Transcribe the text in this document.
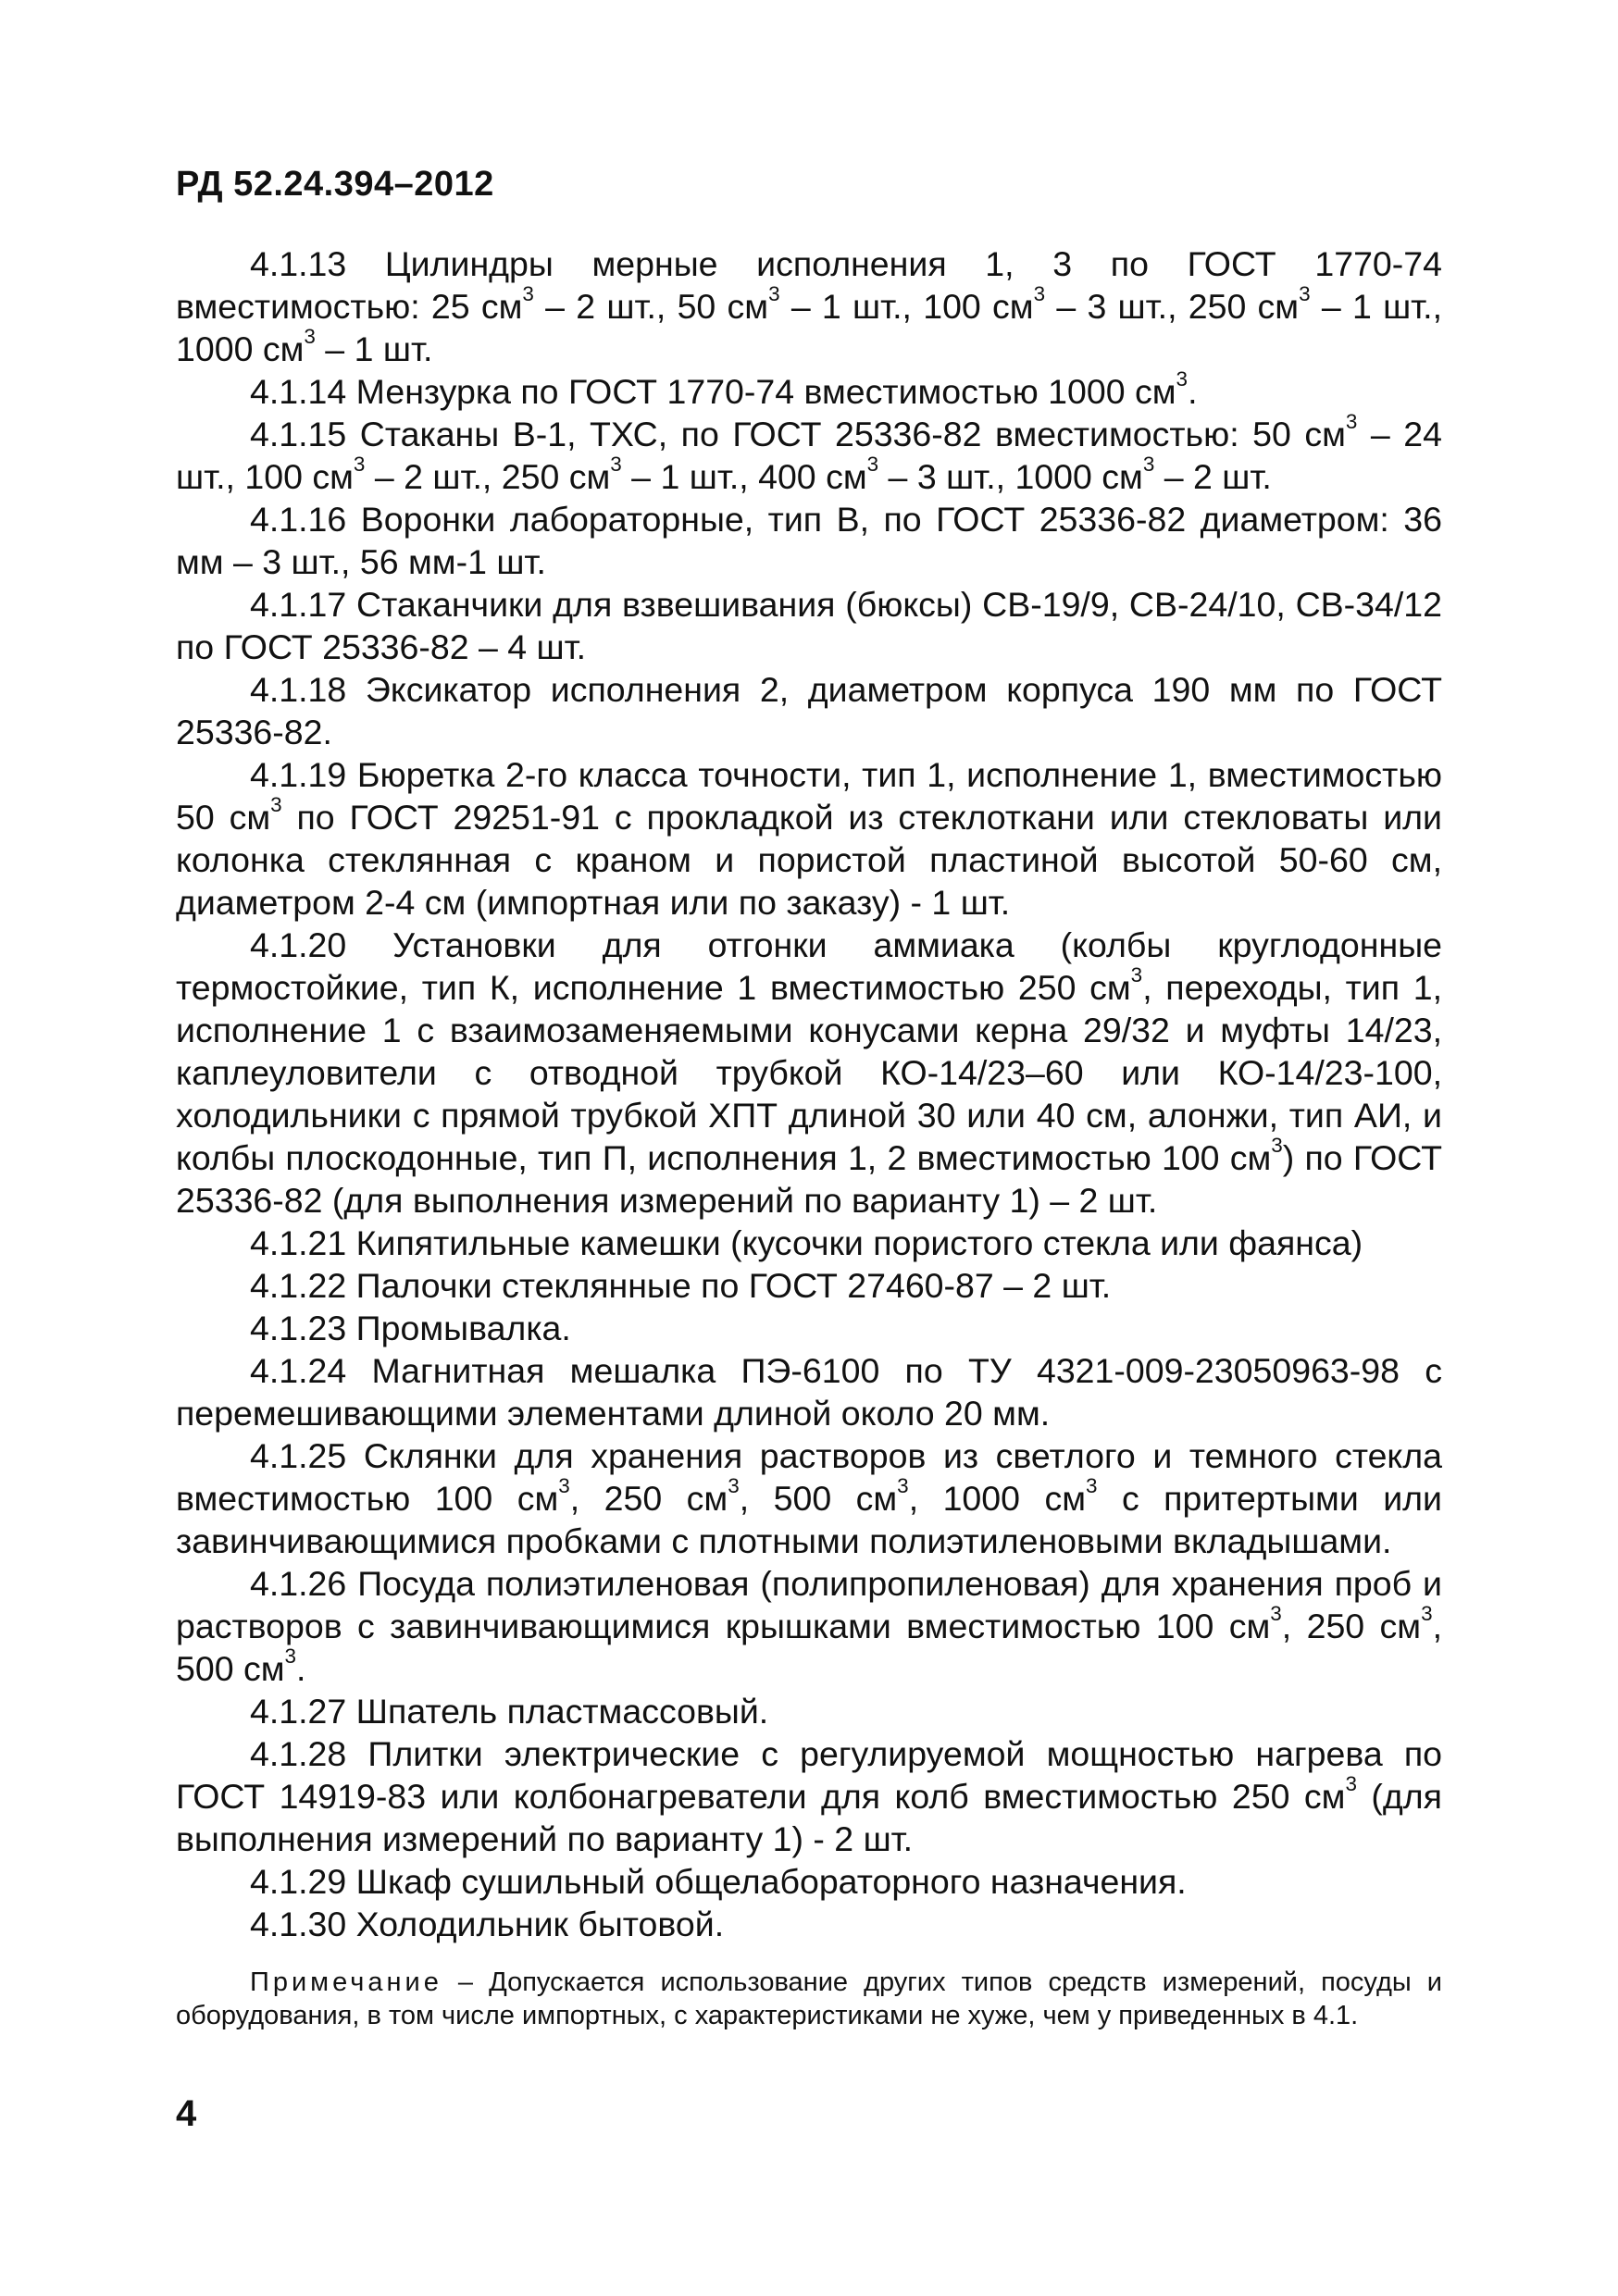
РД 52.24.394–2012

4.1.13 Цилиндры мерные исполнения 1, 3 по ГОСТ 1770-74 вместимостью: 25 $см^3 - 2$ шт., 50 $см^3 - 1$ шт., 100 $см^3 - 3$ шт., 250 $см^3 - 1$ шт., 1000 $см^3 - 1$ шт.

4.1.14 Мензурка по ГОСТ 1770-74 вместимостью 1000 $см^3$.

4.1.15 Стаканы В-1, ТХС, по ГОСТ 25336-82 вместимостью: 50 $см^3 - 24$ шт., 100 $см^3 - 2$ шт., 250 $см^3 - 1$ шт., 400 $см^3 - 3$ шт., 1000 $см^3 - 2$ шт.

4.1.16 Воронки лабораторные, тип В, по ГОСТ 25336-82 диаметром: 36 мм – 3 шт., 56 мм-1 шт.

4.1.17 Стаканчики для взвешивания (бюксы) СВ-19/9, СВ-24/10, СВ-34/12 по ГОСТ 25336-82 – 4 шт.

4.1.18 Эксикатор исполнения 2, диаметром корпуса 190 мм по ГОСТ 25336-82.

4.1.19 Бюретка 2-го класса точности, тип 1, исполнение 1, вместимостью 50 $см^3$ по ГОСТ 29251-91 с прокладкой из стеклоткани или стекловаты или колонка стеклянная с краном и пористой пластиной высотой 50-60 см, диаметром 2-4 см (импортная или по заказу) - 1 шт.

4.1.20 Установки для отгонки аммиака (колбы круглодонные термостойкие, тип К, исполнение 1 вместимостью 250 $см^3$, переходы, тип 1, исполнение 1 с взаимозаменяемыми конусами керна 29/32 и муфты 14/23, каплеуловители с отводной трубкой КО-14/23–60 или КО-14/23-100, холодильники с прямой трубкой ХПТ длиной 30 или 40 см, алонжи, тип АИ, и колбы плоскодонные, тип П, исполнения 1, 2 вместимостью 100 $см^3$) по ГОСТ 25336-82 (для выполнения измерений по варианту 1) – 2 шт.

4.1.21 Кипятильные камешки (кусочки пористого стекла или фаянса)

4.1.22 Палочки стеклянные по ГОСТ 27460-87 – 2 шт.

4.1.23 Промывалка.

4.1.24 Магнитная мешалка ПЭ-6100 по ТУ 4321-009-23050963-98 с перемешивающими элементами длиной около 20 мм.

4.1.25 Склянки для хранения растворов из светлого и темного стекла вместимостью 100 $см^3$, 250 $см^3$, 500 $см^3$, 1000 $см^3$ с притертыми или завинчивающимися пробками с плотными полиэтиленовыми вкладышами.

4.1.26 Посуда полиэтиленовая (полипропиленовая) для хранения проб и растворов с завинчивающимися крышками вместимостью 100 $см^3$, 250 $см^3$, 500 $см^3$.

4.1.27 Шпатель пластмассовый.

4.1.28 Плитки электрические с регулируемой мощностью нагрева по ГОСТ 14919-83 или колбонагреватели для колб вместимостью 250 $см^3$ (для выполнения измерений по варианту 1) - 2 шт.

4.1.29 Шкаф сушильный общелабораторного назначения.

4.1.30 Холодильник бытовой.

Примечание – Допускается использование других типов средств измерений, посуды и оборудования, в том числе импортных, с характеристиками не хуже, чем у приведенных в 4.1.

4
